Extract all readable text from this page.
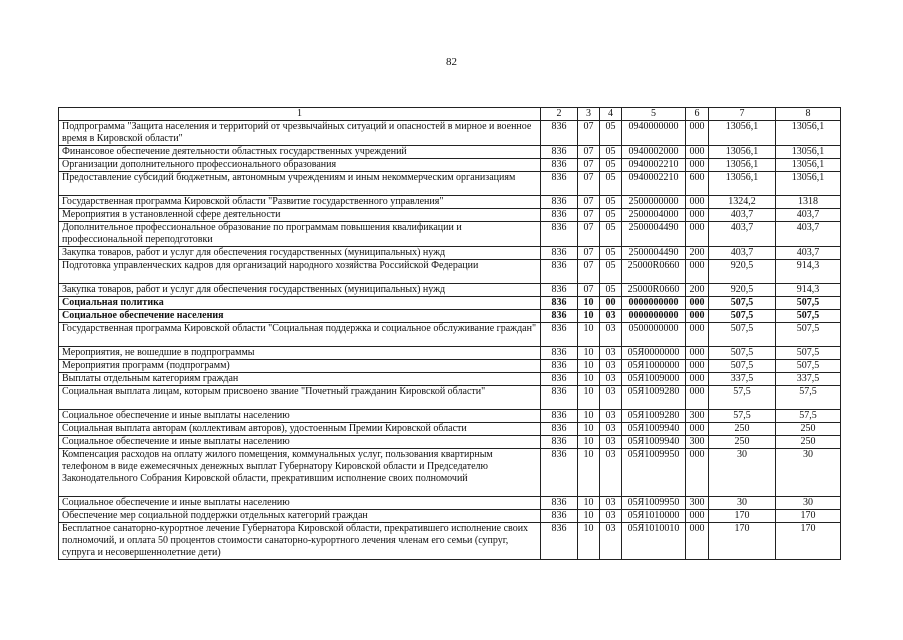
82
1	2	3	4	5	6	7	8
Подпрограмма "Защита населения и территорий от чрезвычайных ситуаций и опасностей в мирное и военное время в Кировской области"	836	07	05	0940000000	000	13056,1	13056,1
Финансовое обеспечение деятельности областных государственных учреждений	836	07	05	0940002000	000	13056,1	13056,1
Организации дополнительного профессионального образования	836	07	05	0940002210	000	13056,1	13056,1
Предоставление субсидий бюджетным, автономным учреждениям и иным некоммерческим организациям	836	07	05	0940002210	600	13056,1	13056,1
Государственная программа Кировской области "Развитие государственного управления"	836	07	05	2500000000	000	1324,2	1318
Мероприятия в установленной сфере деятельности	836	07	05	2500004000	000	403,7	403,7
Дополнительное профессиональное образование по программам повышения квалификации и профессиональной переподготовки	836	07	05	2500004490	000	403,7	403,7
Закупка товаров, работ и услуг для обеспечения государственных (муниципальных) нужд	836	07	05	2500004490	200	403,7	403,7
Подготовка управленческих кадров для организаций народного хозяйства Российской Федерации	836	07	05	25000R0660	000	920,5	914,3
Закупка товаров, работ и услуг для обеспечения государственных (муниципальных) нужд	836	07	05	25000R0660	200	920,5	914,3
Социальная политика	836	10	00	0000000000	000	507,5	507,5
Социальное обеспечение населения	836	10	03	0000000000	000	507,5	507,5
Государственная программа Кировской области "Социальная поддержка и социальное обслуживание граждан"	836	10	03	0500000000	000	507,5	507,5
Мероприятия, не вошедшие в подпрограммы	836	10	03	05Я0000000	000	507,5	507,5
Мероприятия программ (подпрограмм)	836	10	03	05Я1000000	000	507,5	507,5
Выплаты отдельным категориям граждан	836	10	03	05Я1009000	000	337,5	337,5
Социальная выплата лицам, которым присвоено звание "Почетный гражданин Кировской области"	836	10	03	05Я1009280	000	57,5	57,5
Социальное обеспечение и иные выплаты населению	836	10	03	05Я1009280	300	57,5	57,5
Социальная выплата авторам (коллективам авторов), удостоенным Премии Кировской области	836	10	03	05Я1009940	000	250	250
Социальное обеспечение и иные выплаты населению	836	10	03	05Я1009940	300	250	250
Компенсация расходов на оплату жилого помещения, коммунальных услуг, пользования квартирным телефоном в виде ежемесячных денежных выплат Губернатору Кировской области и Председателю Законодательного Собрания Кировской области, прекратившим исполнение своих полномочий	836	10	03	05Я1009950	000	30	30
Социальное обеспечение и иные выплаты населению	836	10	03	05Я1009950	300	30	30
Обеспечение мер социальной поддержки отдельных категорий граждан	836	10	03	05Я1010000	000	170	170
Бесплатное санаторно-курортное лечение Губернатора Кировской области, прекратившего исполнение своих полномочий, и оплата 50 процентов стоимости санаторно-курортного лечения членам его семьи (супруг, супруга и несовершеннолетние дети)	836	10	03	05Я1010010	000	170	170
